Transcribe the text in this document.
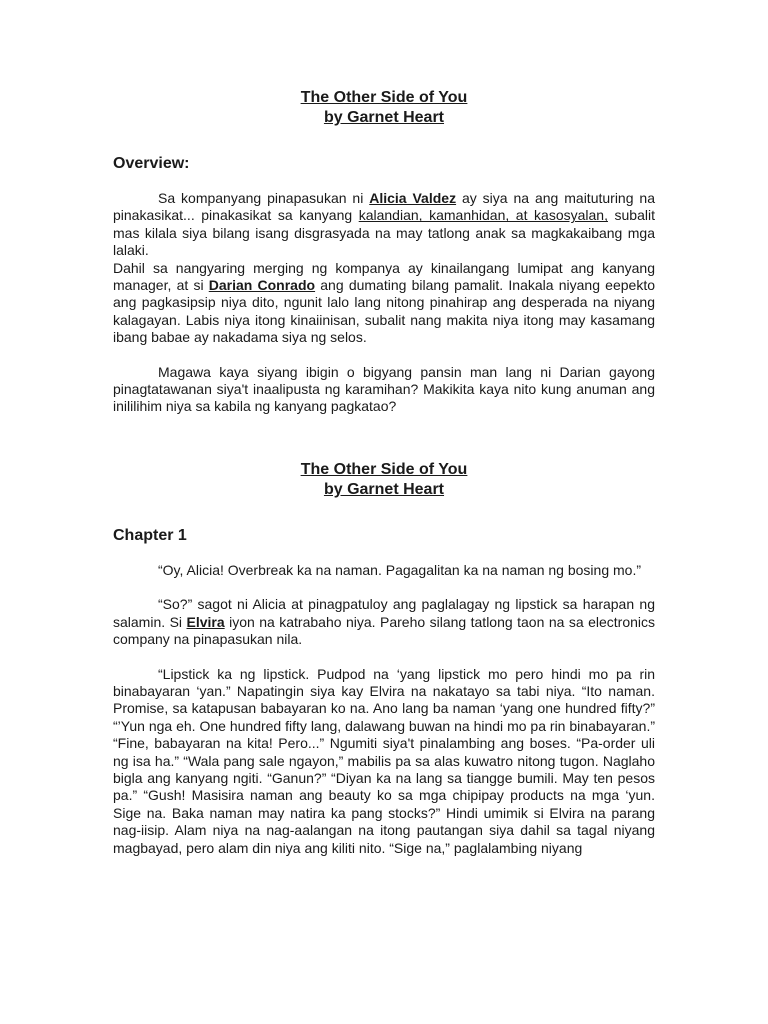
The Other Side of You
by Garnet Heart
Overview:

Sa kompanyang pinapasukan ni Alicia Valdez ay siya na ang maituturing na pinakasikat... pinakasikat sa kanyang kalandian, kamanhidan, at kasosyalan, subalit mas kilala siya bilang isang disgrasyada na may tatlong anak sa magkakaibang mga lalaki.

Dahil sa nangyaring merging ng kompanya ay kinailangang lumipat ang kanyang manager, at si Darian Conrado ang dumating bilang pamalit. Inakala niyang eepekto ang pagkasipsip niya dito, ngunit lalo lang nitong pinahirap ang desperada na niyang kalagayan. Labis niya itong kinaiinisan, subalit nang makita niya itong may kasamang ibang babae ay nakadama siya ng selos.

Magawa kaya siyang ibigin o bigyang pansin man lang ni Darian gayong pinagtatawanan siya't inaalipusta ng karamihan? Makikita kaya nito kung anuman ang inililihim niya sa kabila ng kanyang pagkatao?

The Other Side of You
by Garnet Heart
Chapter 1

“Oy, Alicia! Overbreak ka na naman. Pagagalitan ka na naman ng bosing mo.”

“So?” sagot ni Alicia at pinagpatuloy ang paglalagay ng lipstick sa harapan ng salamin. Si Elvira iyon na katrabaho niya. Pareho silang tatlong taon na sa electronics company na pinapasukan nila.

“Lipstick ka ng lipstick. Pudpod na ‘yang lipstick mo pero hindi mo pa rin binabayaran ‘yan.” Napatingin siya kay Elvira na nakatayo sa tabi niya. “Ito naman. Promise, sa katapusan babayaran ko na. Ano lang ba naman ‘yang one hundred fifty?” “’Yun nga eh. One hundred fifty lang, dalawang buwan na hindi mo pa rin binabayaran.” “Fine, babayaran na kita! Pero...” Ngumiti siya't pinalambing ang boses. “Pa-order uli ng isa ha.” “Wala pang sale ngayon,” mabilis pa sa alas kuwatro nitong tugon. Naglaho bigla ang kanyang ngiti. “Ganun?” “Diyan ka na lang sa tiangge bumili. May ten pesos pa.” “Gush! Masisira naman ang beauty ko sa mga chipipay products na mga ‘yun. Sige na. Baka naman may natira ka pang stocks?” Hindi umimik si Elvira na parang nag-iisip. Alam niya na nag-aalangan na itong pautangan siya dahil sa tagal niyang magbayad, pero alam din niya ang kiliti nito. “Sige na,” paglalambing niyang
